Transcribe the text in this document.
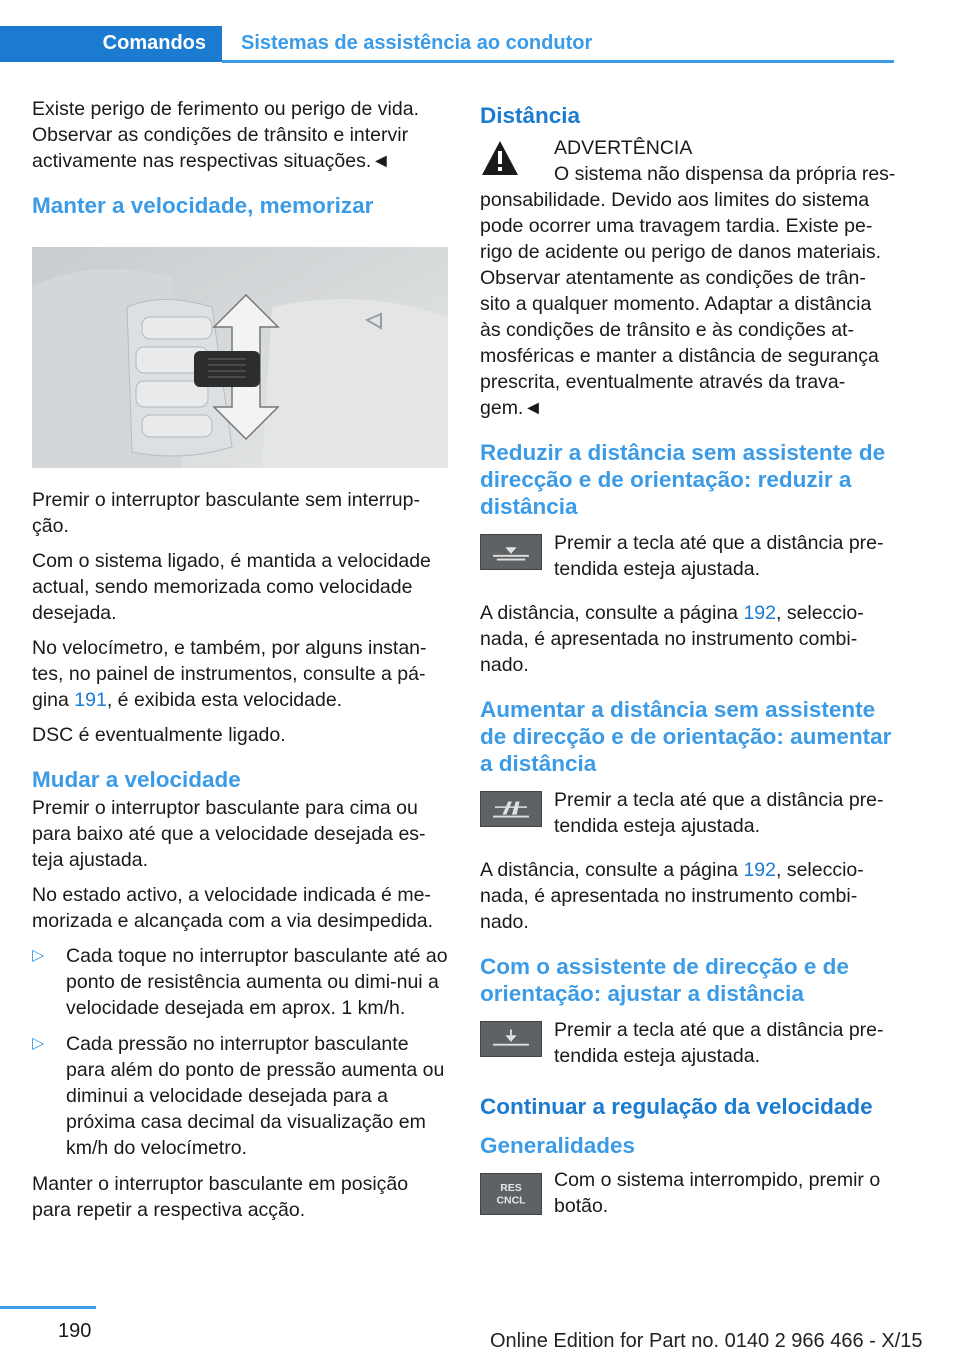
Comandos Sistemas de assistência ao condutor

Existe perigo de ferimento ou perigo de vida. Observar as condições de trânsito e intervir activamente nas respectivas situações.◄

Manter a velocidade, memorizar

Premir o interruptor basculante sem interrup-ção.

Com o sistema ligado, é mantida a velocidade actual, sendo memorizada como velocidade desejada.

No velocímetro, e também, por alguns instan-tes, no painel de instrumentos, consulte a pá-gina 191, é exibida esta velocidade.

DSC é eventualmente ligado.

Mudar a velocidade

Premir o interruptor basculante para cima ou para baixo até que a velocidade desejada es-teja ajustada.

No estado activo, a velocidade indicada é me-morizada e alcançada com a via desimpedida.

▷ Cada toque no interruptor basculante até ao ponto de resistência aumenta ou dimi-nui a velocidade desejada em aprox. 1 km/h.
▷ Cada pressão no interruptor basculante para além do ponto de pressão aumenta ou diminui a velocidade desejada para a próxima casa decimal da visualização em km/h do velocímetro.

Manter o interruptor basculante em posição para repetir a respectiva acção.

Distância
ADVERTÊNCIA
O sistema não dispensa da própria res-
ponsabilidade. Devido aos limites do sistema pode ocorrer uma travagem tardia. Existe pe-rigo de acidente ou perigo de danos materiais. Observar atentamente as condições de trân-sito a qualquer momento. Adaptar a distância às condições de trânsito e às condições at-mosféricas e manter a distância de segurança prescrita, eventualmente através da trava-gem.◄
Reduzir a distância sem assistente de direcção e de orientação: reduzir a distância
Premir a tecla até que a distância pre-tendida esteja ajustada.

A distância, consulte a página 192, seleccio-nada, é apresentada no instrumento combi-nado.

Aumentar a distância sem assistente de direcção e de orientação: aumentar a distância
Premir a tecla até que a distância pre-tendida esteja ajustada.

A distância, consulte a página 192, seleccio-nada, é apresentada no instrumento combi-nado.

Com o assistente de direcção e de orientação: ajustar a distância
Premir a tecla até que a distância pre-tendida esteja ajustada.
Continuar a regulação da velocidade
Generalidades
RES
CNCL
Com o sistema interrompido, premir o botão.
190	Online Edition for Part no. 0140 2 966 466 - X/15
